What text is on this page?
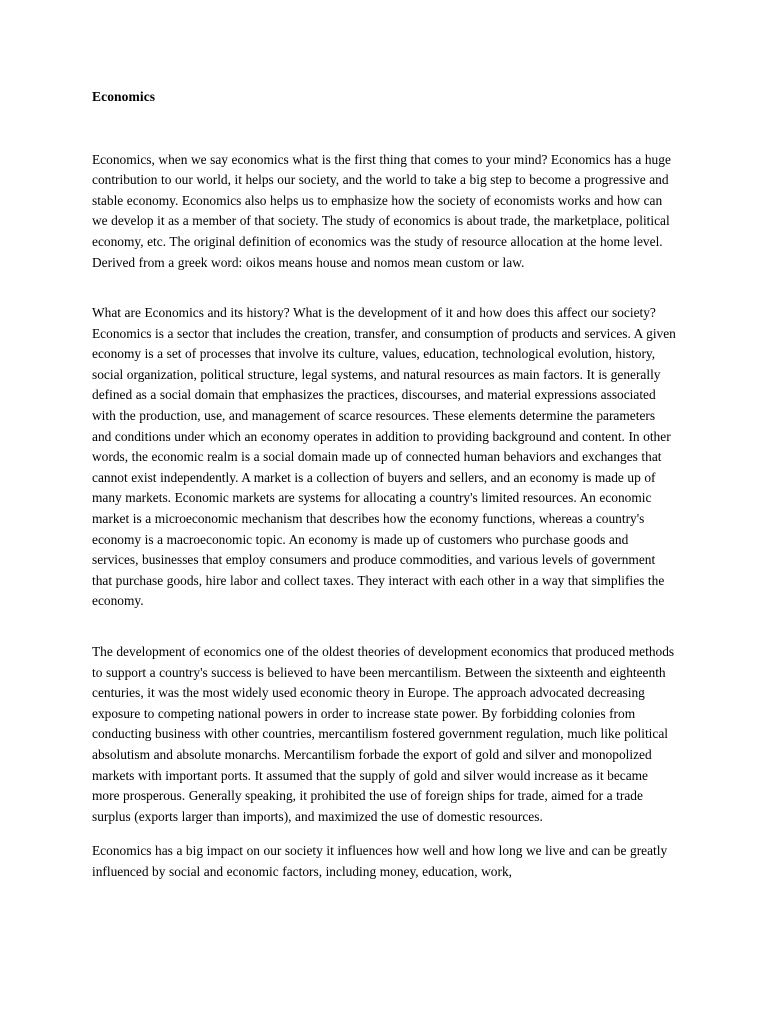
Economics

Economics, when we say economics what is the first thing that comes to your mind? Economics has a huge contribution to our world, it helps our society, and the world to take a big step to become a progressive and stable economy. Economics also helps us to emphasize how the society of economists works and how can we develop it as a member of that society. The study of economics is about trade, the marketplace, political economy, etc. The original definition of economics was the study of resource allocation at the home level. Derived from a greek word: oikos means house and nomos mean custom or law.

What are Economics and its history? What is the development of it and how does this affect our society? Economics is a sector that includes the creation, transfer, and consumption of products and services. A given economy is a set of processes that involve its culture, values, education, technological evolution, history, social organization, political structure, legal systems, and natural resources as main factors. It is generally defined as a social domain that emphasizes the practices, discourses, and material expressions associated with the production, use, and management of scarce resources. These elements determine the parameters and conditions under which an economy operates in addition to providing background and content. In other words, the economic realm is a social domain made up of connected human behaviors and exchanges that cannot exist independently. A market is a collection of buyers and sellers, and an economy is made up of many markets. Economic markets are systems for allocating a country's limited resources. An economic market is a microeconomic mechanism that describes how the economy functions, whereas a country's economy is a macroeconomic topic. An economy is made up of customers who purchase goods and services, businesses that employ consumers and produce commodities, and various levels of government that purchase goods, hire labor and collect taxes. They interact with each other in a way that simplifies the economy.

The development of economics one of the oldest theories of development economics that produced methods to support a country's success is believed to have been mercantilism. Between the sixteenth and eighteenth centuries, it was the most widely used economic theory in Europe. The approach advocated decreasing exposure to competing national powers in order to increase state power. By forbidding colonies from conducting business with other countries, mercantilism fostered government regulation, much like political absolutism and absolute monarchs. Mercantilism forbade the export of gold and silver and monopolized markets with important ports. It assumed that the supply of gold and silver would increase as it became more prosperous. Generally speaking, it prohibited the use of foreign ships for trade, aimed for a trade surplus (exports larger than imports), and maximized the use of domestic resources.

Economics has a big impact on our society it influences how well and how long we live and can be greatly influenced by social and economic factors, including money, education, work,
